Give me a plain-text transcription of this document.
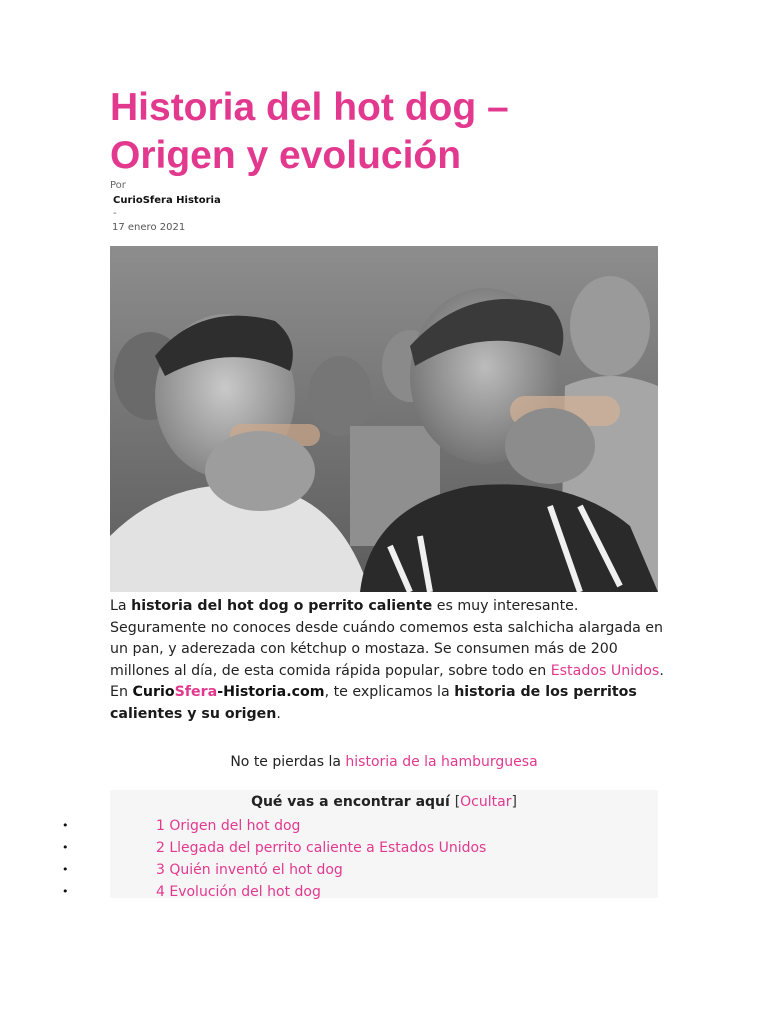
Historia del hot dog –
Origen y evolución
Por
CurioSfera Historia
-
17 enero 2021

La historia del hot dog o perrito caliente es muy interesante. Seguramente no conoces desde cuándo comemos esta salchicha alargada en un pan, y aderezada con kétchup o mostaza. Se consumen más de 200 millones al día, de esta comida rápida popular, sobre todo en Estados Unidos. En CurioSfera-Historia.com, te explicamos la historia de los perritos calientes y su origen.

No te pierdas la historia de la hamburguesa

Qué vas a encontrar aquí [Ocultar]
•	1 Origen del hot dog
•	2 Llegada del perrito caliente a Estados Unidos
•	3 Quién inventó el hot dog
•	4 Evolución del hot dog
